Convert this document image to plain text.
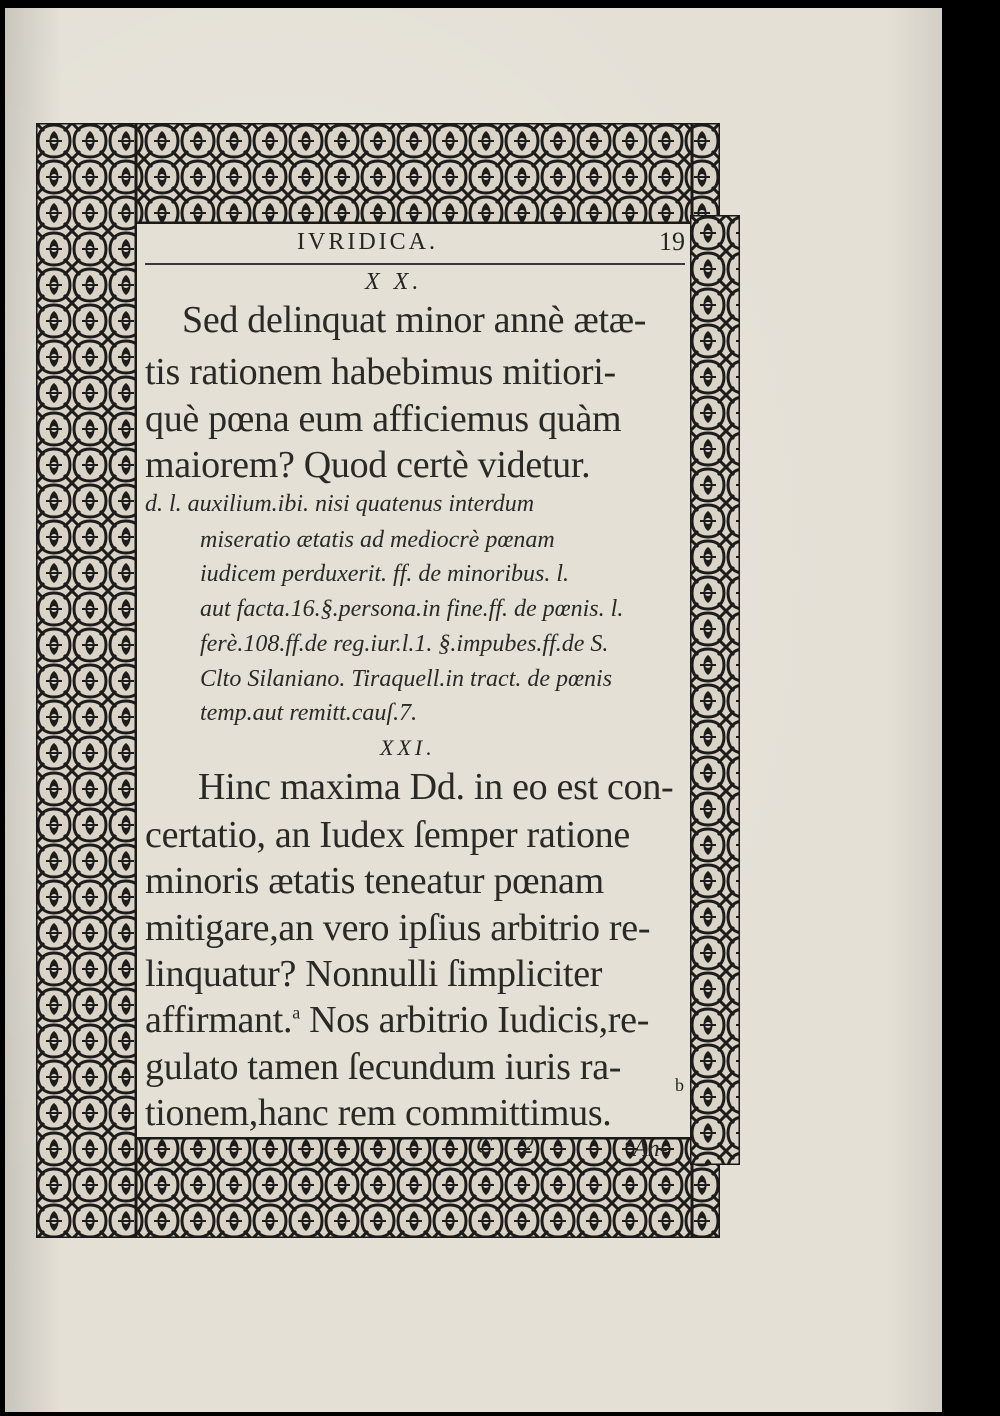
IVRIDICA.	19
X X.
Sed delinquat minor annè ætæ-
tis rationem habebimus mitiori-
què pœna eum afficiemus quàm
maiorem? Quod certè videtur.
d. l. auxilium.ibi. nisi quatenus interdum
miseratio ætatis ad mediocrè pœnam
iudicem perduxerit. ff. de minoribus. l.
aut facta.16.§.persona.in fine.ff. de pœnis. l.
ferè.108.ff.de reg.iur.l.1. §.impubes.ff.de S.
Clto Silaniano. Tiraquell.in tract. de pœnis
temp.aut remitt.cauſ.7.
XXI.
Hinc maxima Dd. in eo est con-
certatio, an Iudex ſemper ratione
minoris ætatis teneatur pœnam
mitigare,an vero ipſius arbitrio re-
linquatur? Nonnulli ſimpliciter
affirmant.$^a$ Nos arbitrio Iudicis,re-
gulato tamen ſecundum iuris ra-
tionem,hanc rem committimus.
b
C 2	$^a$An-
